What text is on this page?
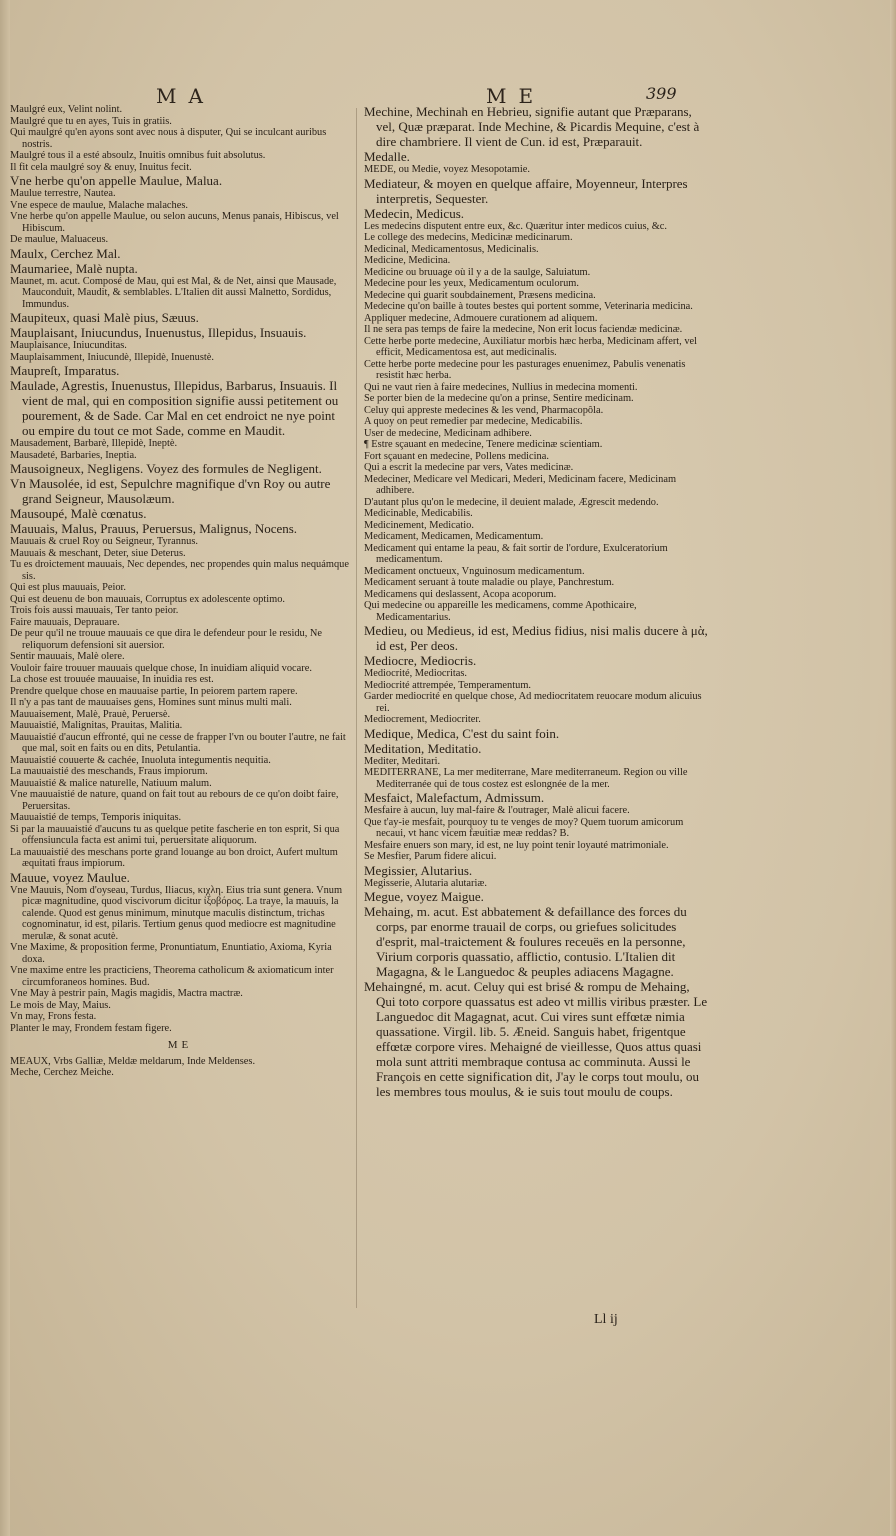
MA	ME	399

Maulgré eux, Velint nolint.

Maulgré que tu en ayes, Tuis in gratiis.

Qui maulgré qu'en ayons sont avec nous à disputer, Qui se inculcant auribus nostris.

Maulgré tous il a esté absoulz, Inuitis omnibus fuit absolutus.

Il fit cela maulgré soy & enuy, Inuitus fecit.

Vne herbe qu'on appelle Maulue, Malua.

Maulue terrestre, Nautea.

Vne espece de maulue, Malache malaches.

Vne herbe qu'on appelle Maulue, ou selon aucuns, Menus panais, Hibiscus, vel Hibiscum.

De maulue, Maluaceus.

Maulx, Cerchez Mal.

Maumariee, Malè nupta.

Maunet, m. acut. Composé de Mau, qui est Mal, & de Net, ainsi que Mausade, Mauconduit, Maudit, & semblables. L'Italien dit aussi Malnetto, Sordidus, Immundus.

Maupiteux, quasi Malè pius, Sæuus.

Mauplaisant, Iniucundus, Inuenustus, Illepidus, Insuauis.

Mauplaisance, Iniucunditas.

Mauplaisamment, Iniucundè, Illepidè, Inuenustè.

Maupreſt, Imparatus.

Maulade, Agrestis, Inuenustus, Illepidus, Barbarus, Insuauis. Il vient de mal, qui en composition signifie aussi petitement ou pourement, & de Sade. Car Mal en cet endroict ne nye point ou empire du tout ce mot Sade, comme en Maudit.

Mausadement, Barbarè, Illepidè, Ineptè.

Mausadeté, Barbaries, Ineptia.

Mausoigneux, Negligens. Voyez des formules de Negligent.

Vn Mausolée, id est, Sepulchre magnifique d'vn Roy ou autre grand Seigneur, Mausolæum.

Mausoupé, Malè cœnatus.

Mauuais, Malus, Prauus, Peruersus, Malignus, Nocens.

Mauuais & cruel Roy ou Seigneur, Tyrannus.

Mauuais & meschant, Deter, siue Deterus.

Tu es droictement mauuais, Nec dependes, nec propendes quin malus nequámque sis.

Qui est plus mauuais, Peior.

Qui est deuenu de bon mauuais, Corruptus ex adolescente optimo.

Trois fois aussi mauuais, Ter tanto peior.

Faire mauuais, Deprauare.

De peur qu'il ne trouue mauuais ce que dira le defendeur pour le residu, Ne reliquorum defensioni sit auersior.

Sentir mauuais, Malè olere.

Vouloir faire trouuer mauuais quelque chose, In inuidiam aliquid vocare.

La chose est trouuée mauuaise, In inuidia res est.

Prendre quelque chose en mauuaise partie, In peiorem partem rapere.

Il n'y a pas tant de mauuaises gens, Homines sunt minus multi mali.

Mauuaisement, Malè, Prauè, Peruersè.

Mauuaistié, Malignitas, Prauitas, Malitia.

Mauuaistié d'aucun effronté, qui ne cesse de frapper l'vn ou bouter l'autre, ne fait que mal, soit en faits ou en dits, Petulantia.

Mauuaistié couuerte & cachée, Inuoluta integumentis nequitia.

La mauuaistié des meschands, Fraus impiorum.

Mauuaistié & malice naturelle, Natiuum malum.

Vne mauuaistié de nature, quand on fait tout au rebours de ce qu'on doibt faire, Peruersitas.

Mauuaistié de temps, Temporis iniquitas.

Si par la mauuaistié d'aucuns tu as quelque petite fascherie en ton esprit, Si qua offensiuncula facta est animi tui, peruersitate aliquorum.

La mauuaistié des meschans porte grand louange au bon droict, Aufert multum æquitati fraus impiorum.

Mauue, voyez Maulue.

Vne Mauuis, Nom d'oyseau, Turdus, Iliacus, κιχλη. Eius tria sunt genera. Vnum picæ magnitudine, quod viscivorum dicitur ἰξοβόρος. La traye, la mauuis, la calende. Quod est genus minimum, minutque maculis distinctum, trichas cognominatur, id est, pilaris. Tertium genus quod mediocre est magnitudine merulæ, & sonat acutè.

Vne Maxime, & proposition ferme, Pronuntiatum, Enuntiatio, Axioma, Kyria doxa.

Vne maxime entre les practiciens, Theorema catholicum & axiomaticum inter circumforaneos homines. Bud.

Vne May à pestrir pain, Magis magidis, Mactra mactræ.

Le mois de May, Maius.

Vn may, Frons festa.

Planter le may, Frondem festam figere.

ME

MEAUX, Vrbs Galliæ, Meldæ meldarum, Inde Meldenses.

Meche, Cerchez Meiche.

Mechine, Mechinah en Hebrieu, signifie autant que Præparans, vel, Quæ præparat. Inde Mechine, & Picardis Mequine, c'est à dire chambriere. Il vient de Cun. id est, Præparauit.

Medalle.

MEDE, ou Medie, voyez Mesopotamie.

Mediateur, & moyen en quelque affaire, Moyenneur, Interpres interpretis, Sequester.

Medecin, Medicus.

Les medecins disputent entre eux, &c. Quæritur inter medicos cuius, &c.

Le college des medecins, Medicinæ medicinarum.

Medicinal, Medicamentosus, Medicinalis.

Medicine, Medicina.

Medicine ou bruuage où il y a de la saulge, Saluiatum.

Medecine pour les yeux, Medicamentum oculorum.

Medecine qui guarit soubdainement, Præsens medicina.

Medecine qu'on baille à toutes bestes qui portent somme, Veterinaria medicina.

Appliquer medecine, Admouere curationem ad aliquem.

Il ne sera pas temps de faire la medecine, Non erit locus faciendæ medicinæ.

Cette herbe porte medecine, Auxiliatur morbis hæc herba, Medicinam affert, vel efficit, Medicamentosa est, aut medicinalis.

Cette herbe porte medecine pour les pasturages enuenimez, Pabulis venenatis resistit hæc herba.

Qui ne vaut rien à faire medecines, Nullius in medecina momenti.

Se porter bien de la medecine qu'on a prinse, Sentire medicinam.

Celuy qui appreste medecines & les vend, Pharmacopôla.

A quoy on peut remedier par medecine, Medicabilis.

User de medecine, Medicinam adhibere.

¶ Estre sçauant en medecine, Tenere medicinæ scientiam.

Fort sçauant en medecine, Pollens medicina.

Qui a escrit la medecine par vers, Vates medicinæ.

Medeciner, Medicare vel Medicari, Mederi, Medicinam facere, Medicinam adhibere.

D'autant plus qu'on le medecine, il deuient malade, Ægrescit medendo.

Medicinable, Medicabilis.

Medicinement, Medicatio.

Medicament, Medicamen, Medicamentum.

Medicament qui entame la peau, & fait sortir de l'ordure, Exulceratorium medicamentum.

Medicament onctueux, Vnguinosum medicamentum.

Medicament seruant à toute maladie ou playe, Panchrestum.

Medicamens qui deslassent, Acopa acoporum.

Qui medecine ou appareille les medicamens, comme Apothicaire, Medicamentarius.

Medieu, ou Medieus, id est, Medius fidius, nisi malis ducere à μὰ, id est, Per deos.

Mediocre, Mediocris.

Mediocrité, Mediocritas.

Mediocrité attrempée, Temperamentum.

Garder mediocrité en quelque chose, Ad mediocritatem reuocare modum alicuius rei.

Mediocrement, Mediocriter.

Medique, Medica, C'est du saint foin.

Meditation, Meditatio.

Mediter, Meditari.

MEDITERRANE, La mer mediterrane, Mare mediterraneum. Region ou ville Mediterranée qui de tous costez est eslongnée de la mer.

Mesfaict, Malefactum, Admissum.

Mesfaire à aucun, luy mal-faire & l'outrager, Malè alicui facere.

Que t'ay-ie mesfait, pourquoy tu te venges de moy? Quem tuorum amicorum necaui, vt hanc vicem fæuitiæ meæ reddas? B.

Mesfaire enuers son mary, id est, ne luy point tenir loyauté matrimoniale.

Se Mesfier, Parum fidere alicui.

Megissier, Alutarius.

Megisserie, Alutaria alutariæ.

Megue, voyez Maigue.

Mehaing, m. acut. Est abbatement & defaillance des forces du corps, par enorme trauail de corps, ou griefues solicitudes d'esprit, mal-traictement & foulures receuës en la personne, Virium corporis quassatio, afflictio, contusio. L'Italien dit Magagna, & le Languedoc & peuples adiacens Magagne.

Mehaingné, m. acut. Celuy qui est brisé & rompu de Mehaing, Qui toto corpore quassatus est adeo vt millis viribus præster. Le Languedoc dit Magagnat, acut. Cui vires sunt effœtæ nimia quassatione. Virgil. lib. 5. Æneid. Sanguis habet, frigentque effœtæ corpore vires. Mehaigné de vieillesse, Quos attus quasi mola sunt attriti membraque contusa ac comminuta. Aussi le François en cette signification dit, J'ay le corps tout moulu, ou les membres tous moulus, & ie suis tout moulu de coups.

Ll ij
